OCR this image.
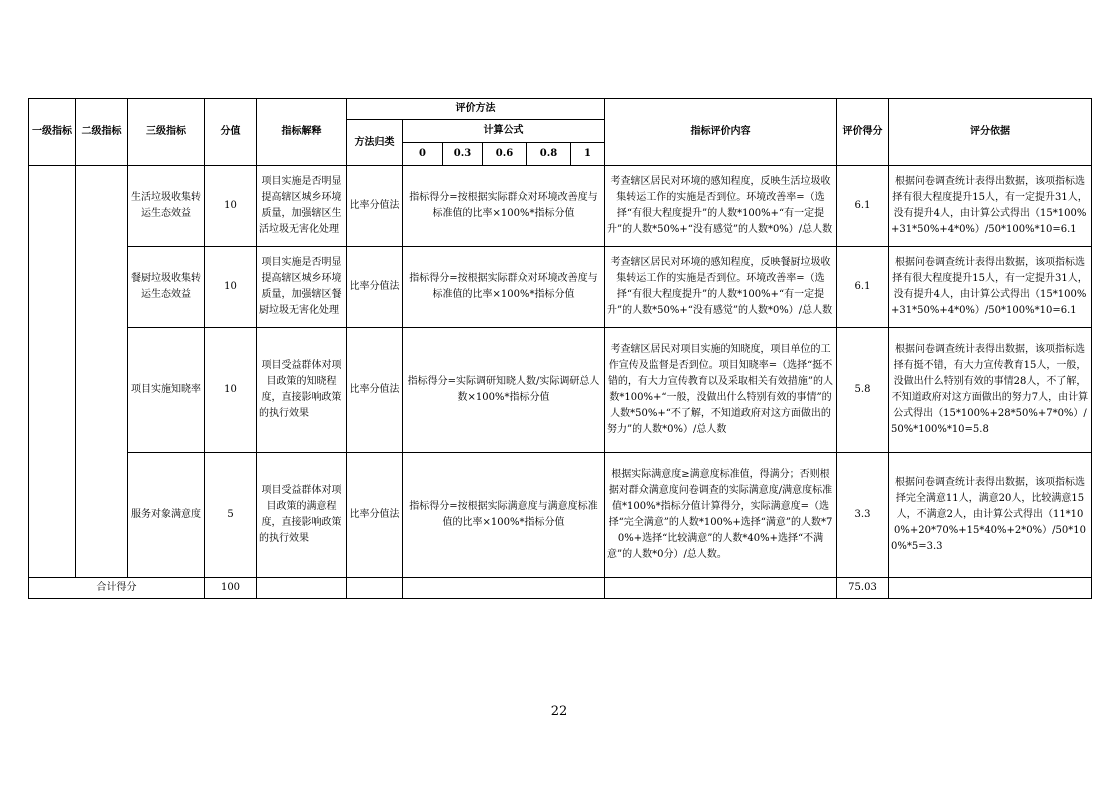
一级指标	二级指标	三级指标	分值	指标解释	评价方法						指标评价内容	评价得分	评分依据
					方法归类	计算公式							
						0	0.3	0.6	0.8	1			
		生活垃圾收集转运生态效益	10	项目实施是否明显提高辖区城乡环境质量，加强辖区生活垃圾无害化处理	比率分值法	指标得分=按根据实际群众对环境改善度与标准值的比率×100%*指标分值					考查辖区居民对环境的感知程度，反映生活垃圾收集转运工作的实施是否到位。环境改善率=（选择“有很大程度提升”的人数*100%+“有一定提升”的人数*50%+“没有感觉”的人数*0%）/总人数	6.1	根据问卷调查统计表得出数据，该项指标选择有很大程度提升15人，有一定提升31人，没有提升4人，由计算公式得出（15*100%+31*50%+4*0%）/50*100%*10=6.1
		餐厨垃圾收集转运生态效益	10	项目实施是否明显提高辖区城乡环境质量，加强辖区餐厨垃圾无害化处理	比率分值法	指标得分=按根据实际群众对环境改善度与标准值的比率×100%*指标分值					考查辖区居民对环境的感知程度，反映餐厨垃圾收集转运工作的实施是否到位。环境改善率=（选择“有很大程度提升”的人数*100%+“有一定提升”的人数*50%+“没有感觉”的人数*0%）/总人数	6.1	根据问卷调查统计表得出数据，该项指标选择有很大程度提升15人，有一定提升31人，没有提升4人，由计算公式得出（15*100%+31*50%+4*0%）/50*100%*10=6.1
		项目实施知晓率	10	项目受益群体对项目政策的知晓程度，直接影响政策的执行效果	比率分值法	指标得分=实际调研知晓人数/实际调研总人数×100%*指标分值					考查辖区居民对项目实施的知晓度，项目单位的工作宣传及监督是否到位。项目知晓率=（选择“挺不错的，有大力宣传教育以及采取相关有效措施”的人数*100%+“一般，没做出什么特别有效的事情”的人数*50%+“不了解，不知道政府对这方面做出的努力”的人数*0%）/总人数	5.8	根据问卷调查统计表得出数据，该项指标选择有挺不错，有大力宣传教育15人，一般，没做出什么特别有效的事情28人，不了解，不知道政府对这方面做出的努力7人，由计算公式得出（15*100%+28*50%+7*0%）/50%*100%*10=5.8
		服务对象满意度	5	项目受益群体对项目政策的满意程度，直接影响政策的执行效果	比率分值法	指标得分=按根据实际满意度与满意度标准值的比率×100%*指标分值					根据实际满意度≥满意度标准值，得满分；否则根据对群众满意度问卷调查的实际满意度/满意度标准值*100%*指标分值计算得分，实际满意度=（选择“完全满意”的人数*100%+选择“满意”的人数*70%+选择“比较满意”的人数*40%+选择“不满意”的人数*0分）/总人数。	3.3	根据问卷调查统计表得出数据，该项指标选择完全满意11人，满意20人，比较满意15人，不满意2人，由计算公式得出（11*100%+20*70%+15*40%+2*0%）/50*100%*5=3.3
合计得分			100									75.03	
22
